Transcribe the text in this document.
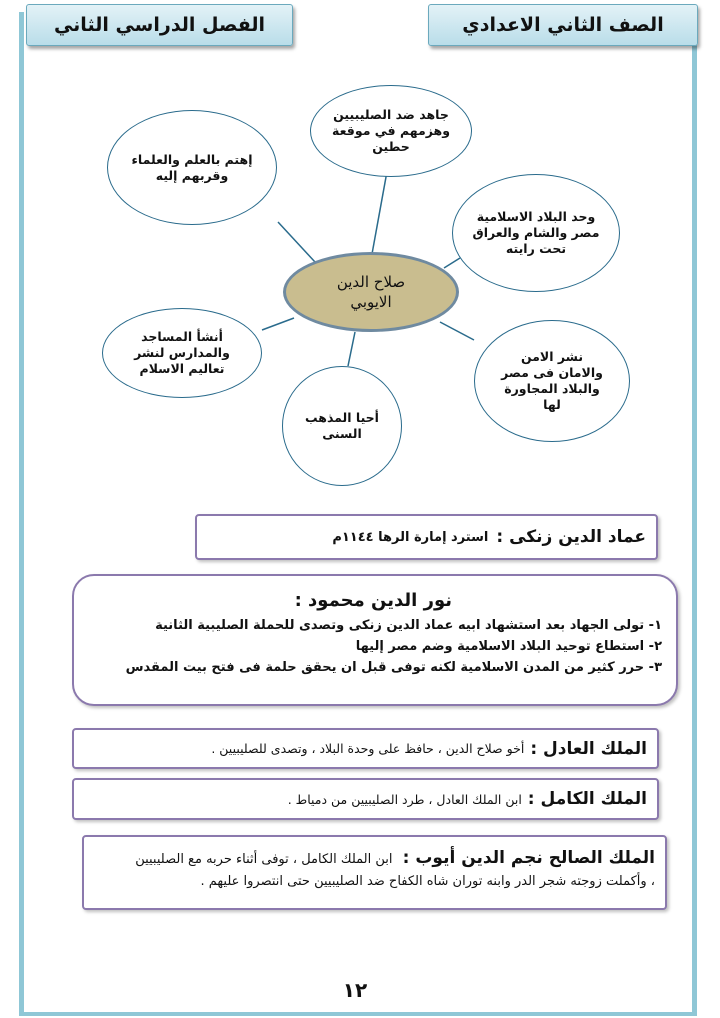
الصف الثاني الاعدادي
الفصل الدراسي الثاني
صلاح الدين
الايوبي
جاهد ضد الصليبيين
وهزمهم في موقعة
حطين
إهتم بالعلم والعلماء
وقربهم إليه
وحد البلاد الاسلامية
مصر والشام والعراق
تحت رايته
أنشأ المساجد
والمدارس لنشر
تعاليم الاسلام
نشر الامن
والامان فى مصر
والبلاد المجاورة
لها
أحيا المذهب
السنى
عماد الدين زنكى :
استرد إمارة الرها ١١٤٤م
نور الدين محمود :
١- تولى الجهاد بعد استشهاد ابيه عماد الدين زنكى وتصدى للحملة الصليبية الثانية
٢- استطاع توحيد البلاد الاسلامية وضم مصر إليها
٣- حرر كثير من المدن الاسلامية لكنه توفى قبل ان يحقق حلمة فى فتح بيت المقدس
الملك العادل :
أخو صلاح الدين ، حافظ على وحدة البلاد ، وتصدى للصليبيين .
الملك الكامل :
ابن الملك العادل ، طرد الصليبيين من دمياط .
الملك الصالح نجم الدين أيوب : ابن الملك الكامل ، توفى أثناء حربه مع الصليبيين
، وأكملت زوجته شجر الدر وابنه توران شاه الكفاح ضد الصليبيين حتى انتصروا عليهم .
١٢
